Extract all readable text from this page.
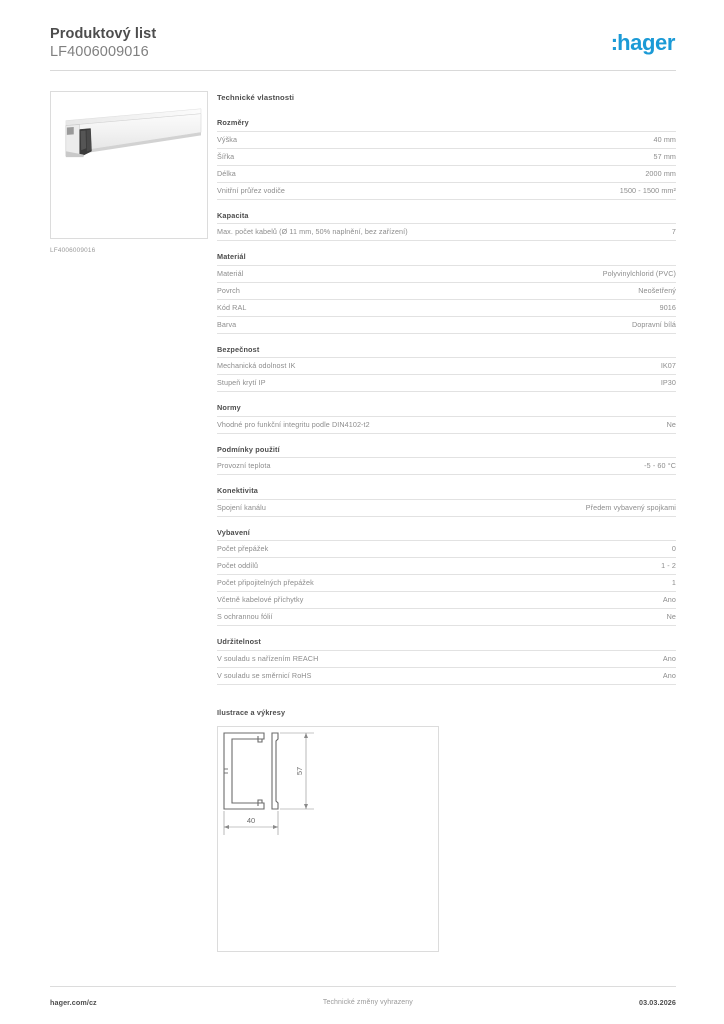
Produktový list
LF4006009016	:hager
LF4006009016
Technické vlastnosti
Rozměry
Výška	40 mm
Šířka	57 mm
Délka	2000 mm
Vnitřní průřez vodiče	1500 - 1500 mm²
Kapacita
Max. počet kabelů (Ø 11 mm, 50% naplnění, bez zařízení)	7
Materiál
Materiál	Polyvinylchlorid (PVC)
Povrch	Neošetřený
Kód RAL	9016
Barva	Dopravní bílá
Bezpečnost
Mechanická odolnost IK	IK07
Stupeň krytí IP	IP30
Normy
Vhodné pro funkční integritu podle DIN4102-t2	Ne
Podmínky použití
Provozní teplota	-5 - 60 °C
Konektivita
Spojení kanálu	Předem vybavený spojkami
Vybavení
Počet přepážek	0
Počet oddílů	1 - 2
Počet připojitelných přepážek	1
Včetně kabelové příchytky	Ano
S ochrannou fólií	Ne
Udržitelnost
V souladu s nařízením REACH	Ano
V souladu se směrnicí RoHS	Ano
Ilustrace a výkresy
40
57
hager.com/cz	Technické změny vyhrazeny	03.03.2026
